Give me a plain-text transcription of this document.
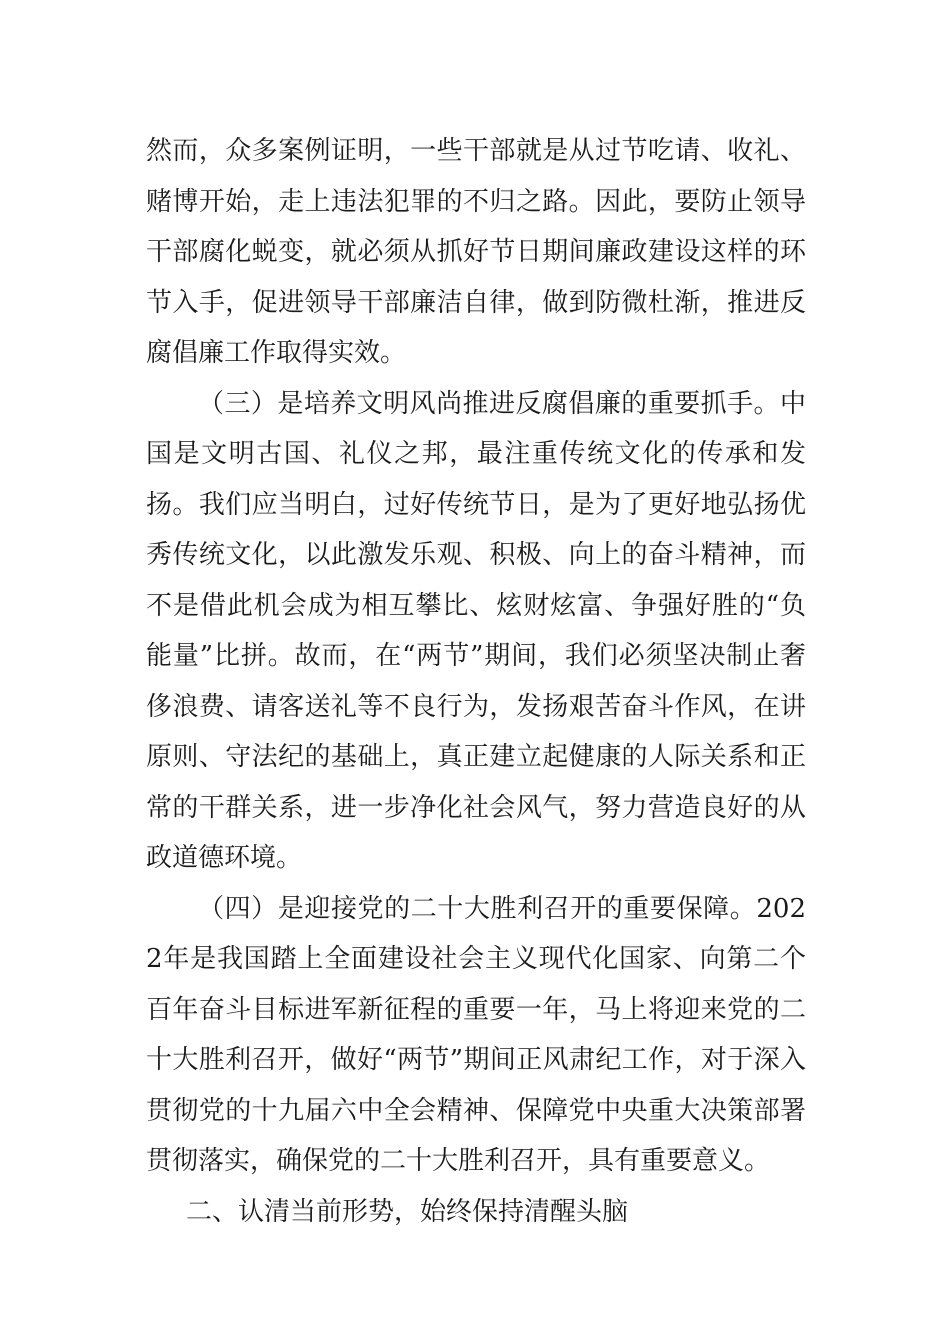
然而，众多案例证明，一些干部就是从过节吃请、收礼、赌博开始，走上违法犯罪的不归之路。因此，要防止领导干部腐化蜕变，就必须从抓好节日期间廉政建设这样的环节入手，促进领导干部廉洁自律，做到防微杜渐，推进反腐倡廉工作取得实效。

（三）是培养文明风尚推进反腐倡廉的重要抓手。中国是文明古国、礼仪之邦，最注重传统文化的传承和发扬。我们应当明白，过好传统节日，是为了更好地弘扬优秀传统文化，以此激发乐观、积极、向上的奋斗精神，而不是借此机会成为相互攀比、炫财炫富、争强好胜的“负能量”比拼。故而，在“两节”期间，我们必须坚决制止奢侈浪费、请客送礼等不良行为，发扬艰苦奋斗作风，在讲原则、守法纪的基础上，真正建立起健康的人际关系和正常的干群关系，进一步净化社会风气，努力营造良好的从政道德环境。

（四）是迎接党的二十大胜利召开的重要保障。2022年是我国踏上全面建设社会主义现代化国家、向第二个百年奋斗目标进军新征程的重要一年，马上将迎来党的二十大胜利召开，做好“两节”期间正风肃纪工作，对于深入贯彻党的十九届六中全会精神、保障党中央重大决策部署贯彻落实，确保党的二十大胜利召开，具有重要意义。

二、认清当前形势，始终保持清醒头脑
